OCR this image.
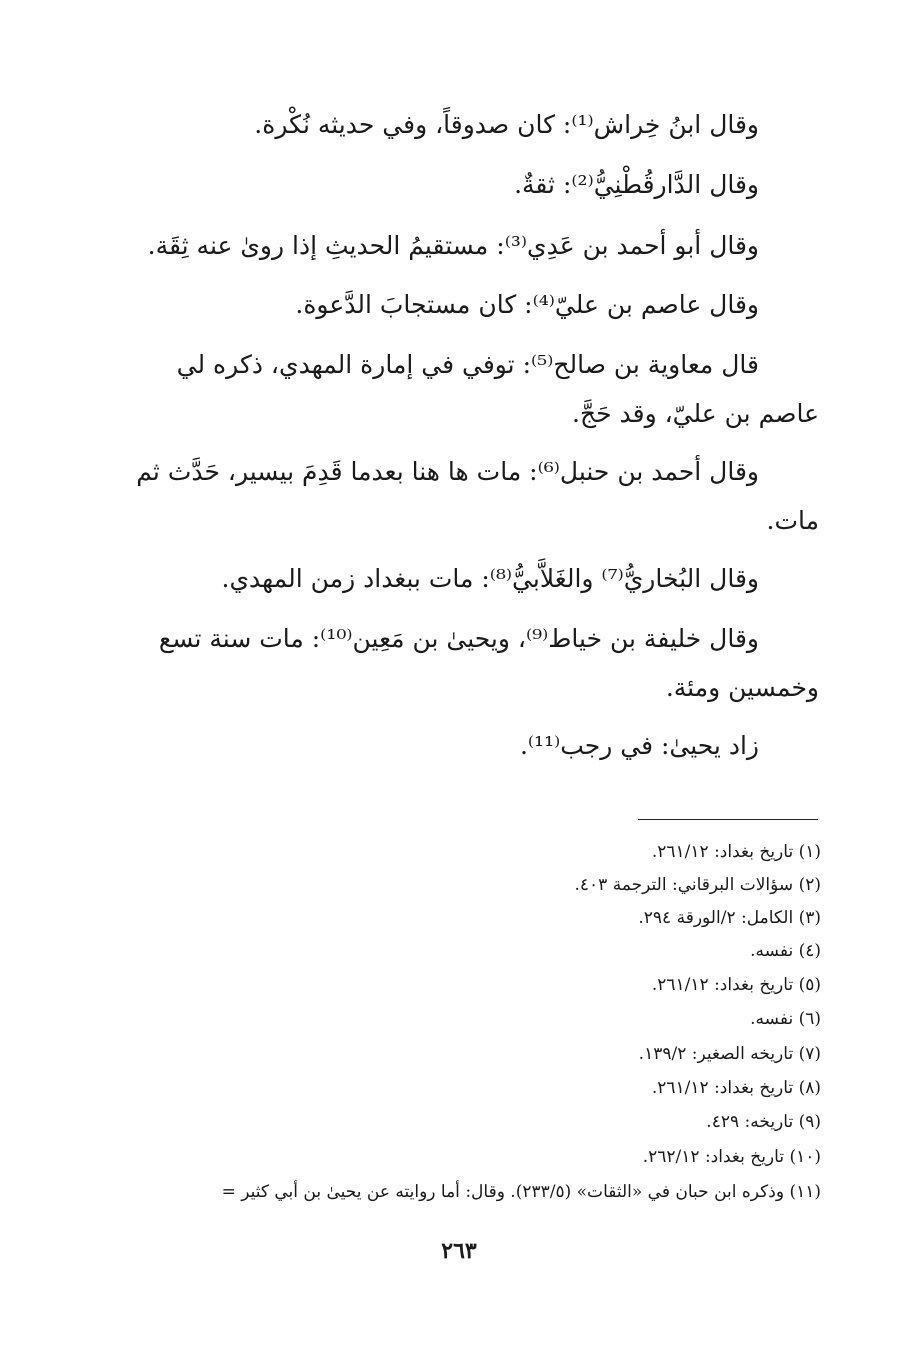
وقال ابنُ خِراش⁽¹⁾: كان صدوقاً، وفي حديثه نُكْرة.
وقال الدَّارقُطْنِيُّ⁽²⁾: ثقةٌ.
وقال أبو أحمد بن عَدِي⁽³⁾: مستقيمُ الحديثِ إذا روىٰ عنه ثِقَة.
وقال عاصم بن عليّ⁽⁴⁾: كان مستجابَ الدَّعوة.
قال معاوية بن صالح⁽⁵⁾: توفي في إمارة المهدي، ذكره لي
عاصم بن عليّ، وقد حَجَّ.
وقال أحمد بن حنبل⁽⁶⁾: مات ها هنا بعدما قَدِمَ بيسير، حَدَّث ثم
مات.
وقال البُخاريُّ⁽⁷⁾ والغَلاَّبيُّ⁽⁸⁾: مات ببغداد زمن المهدي.
وقال خليفة بن خياط⁽⁹⁾، ويحيىٰ بن مَعِين⁽¹⁰⁾: مات سنة تسع
وخمسين ومئة.
زاد يحيىٰ: في رجب⁽¹¹⁾.
(١) تاريخ بغداد: ٢٦١/١٢.
(٢) سؤالات البرقاني: الترجمة ٤٠٣.
(٣) الكامل: ٢/الورقة ٢٩٤.
(٤) نفسه.
(٥) تاريخ بغداد: ٢٦١/١٢.
(٦) نفسه.
(٧) تاريخه الصغير: ١٣٩/٢.
(٨) تاريخ بغداد: ٢٦١/١٢.
(٩) تاريخه: ٤٢٩.
(١٠) تاريخ بغداد: ٢٦٢/١٢.
(١١) وذكره ابن حبان في «الثقات» (٢٣٣/٥). وقال: أما روايته عن يحيىٰ بن أبي كثير =
٢٦٣
